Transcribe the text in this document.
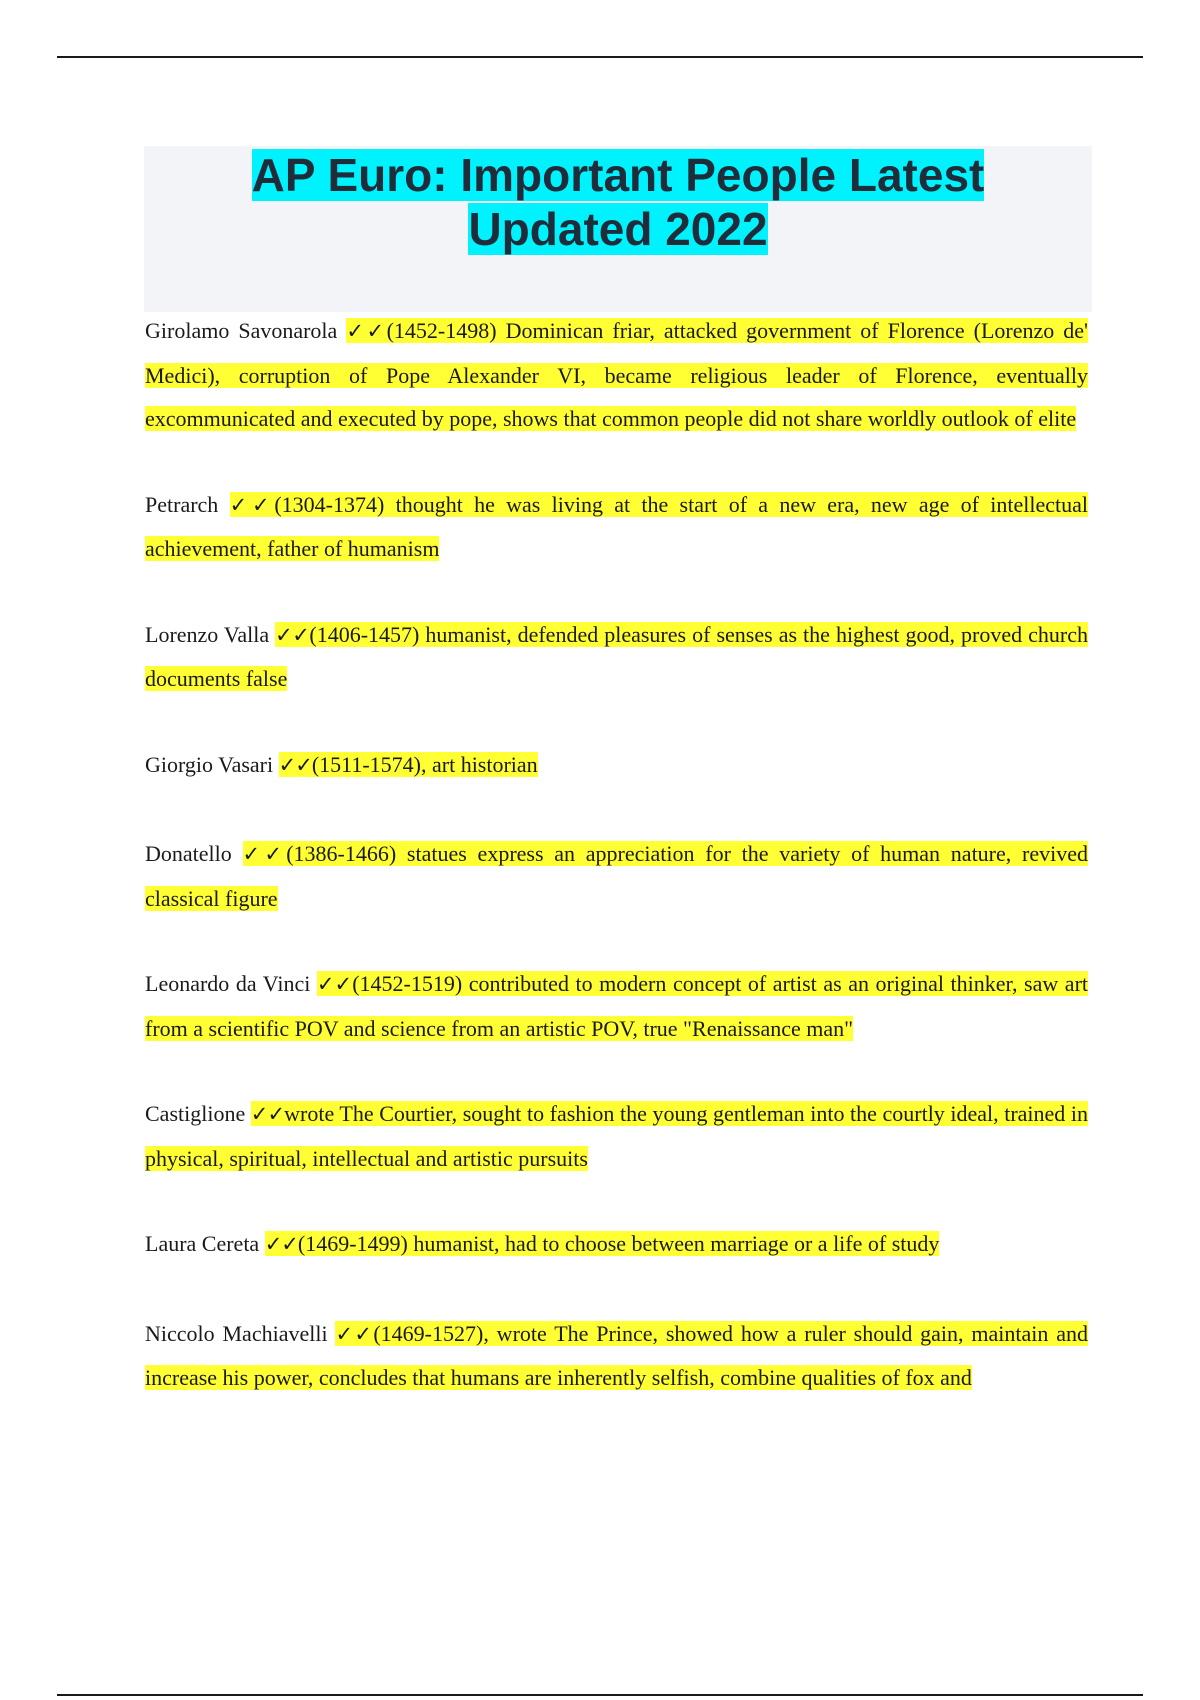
AP Euro: Important People Latest
Updated 2022

Girolamo Savonarola ✓✓(1452-1498) Dominican friar, attacked government of Florence (Lorenzo de' Medici), corruption of Pope Alexander VI, became religious leader of Florence, eventually excommunicated and executed by pope, shows that common people did not share worldly outlook of elite

Petrarch ✓✓(1304-1374) thought he was living at the start of a new era, new age of intellectual achievement, father of humanism

Lorenzo Valla ✓✓(1406-1457) humanist, defended pleasures of senses as the highest good, proved church documents false

Giorgio Vasari ✓✓(1511-1574), art historian

Donatello ✓✓(1386-1466) statues express an appreciation for the variety of human nature, revived classical figure

Leonardo da Vinci ✓✓(1452-1519) contributed to modern concept of artist as an original thinker, saw art from a scientific POV and science from an artistic POV, true "Renaissance man"

Castiglione ✓✓wrote The Courtier, sought to fashion the young gentleman into the courtly ideal, trained in physical, spiritual, intellectual and artistic pursuits

Laura Cereta ✓✓(1469-1499) humanist, had to choose between marriage or a life of study

Niccolo Machiavelli ✓✓(1469-1527), wrote The Prince, showed how a ruler should gain, maintain and increase his power, concludes that humans are inherently selfish, combine qualities of fox and
